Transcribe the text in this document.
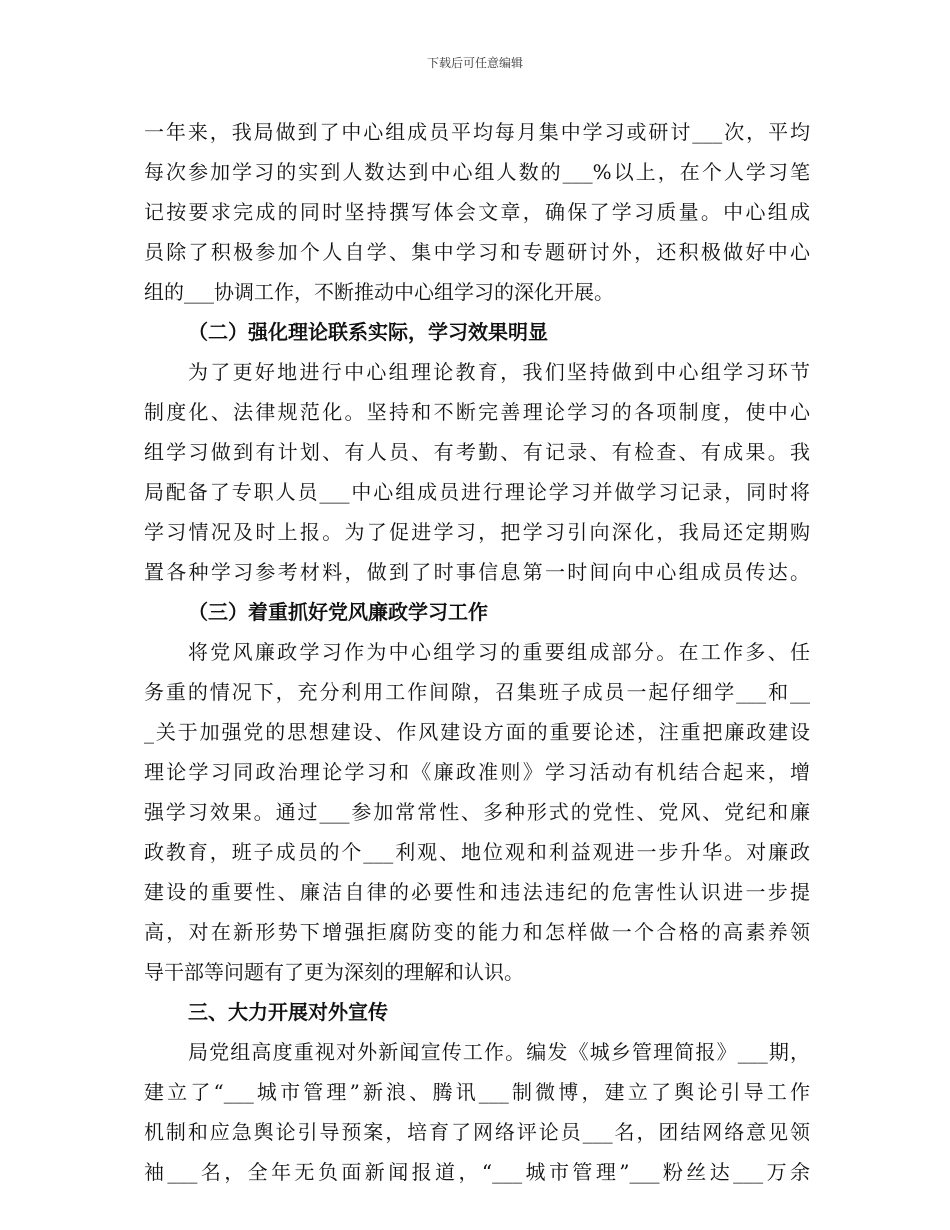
下载后可任意编辑
一年来，我局做到了中心组成员平均每月集中学习或研讨___次，平均
每次参加学习的实到人数达到中心组人数的___%以上，在个人学习笔
记按要求完成的同时坚持撰写体会文章，确保了学习质量。中心组成
员除了积极参加个人自学、集中学习和专题研讨外，还积极做好中心
组的___协调工作，不断推动中心组学习的深化开展。
（二）强化理论联系实际，学习效果明显
为了更好地进行中心组理论教育，我们坚持做到中心组学习环节
制度化、法律规范化。坚持和不断完善理论学习的各项制度，使中心
组学习做到有计划、有人员、有考勤、有记录、有检查、有成果。我
局配备了专职人员___中心组成员进行理论学习并做学习记录，同时将
学习情况及时上报。为了促进学习，把学习引向深化，我局还定期购
置各种学习参考材料，做到了时事信息第一时间向中心组成员传达。
（三）着重抓好党风廉政学习工作
将党风廉政学习作为中心组学习的重要组成部分。在工作多、任
务重的情况下，充分利用工作间隙，召集班子成员一起仔细学___和__
_关于加强党的思想建设、作风建设方面的重要论述，注重把廉政建设
理论学习同政治理论学习和《廉政准则》学习活动有机结合起来，增
强学习效果。通过___参加常常性、多种形式的党性、党风、党纪和廉
政教育，班子成员的个___利观、地位观和利益观进一步升华。对廉政
建设的重要性、廉洁自律的必要性和违法违纪的危害性认识进一步提
高，对在新形势下增强拒腐防变的能力和怎样做一个合格的高素养领
导干部等问题有了更为深刻的理解和认识。
三、大力开展对外宣传
局党组高度重视对外新闻宣传工作。编发《城乡管理简报》___期，
建立了“___城市管理”新浪、腾讯___制微博，建立了舆论引导工作
机制和应急舆论引导预案，培育了网络评论员___名，团结网络意见领
袖___名，全年无负面新闻报道，“___城市管理”___粉丝达___万余
